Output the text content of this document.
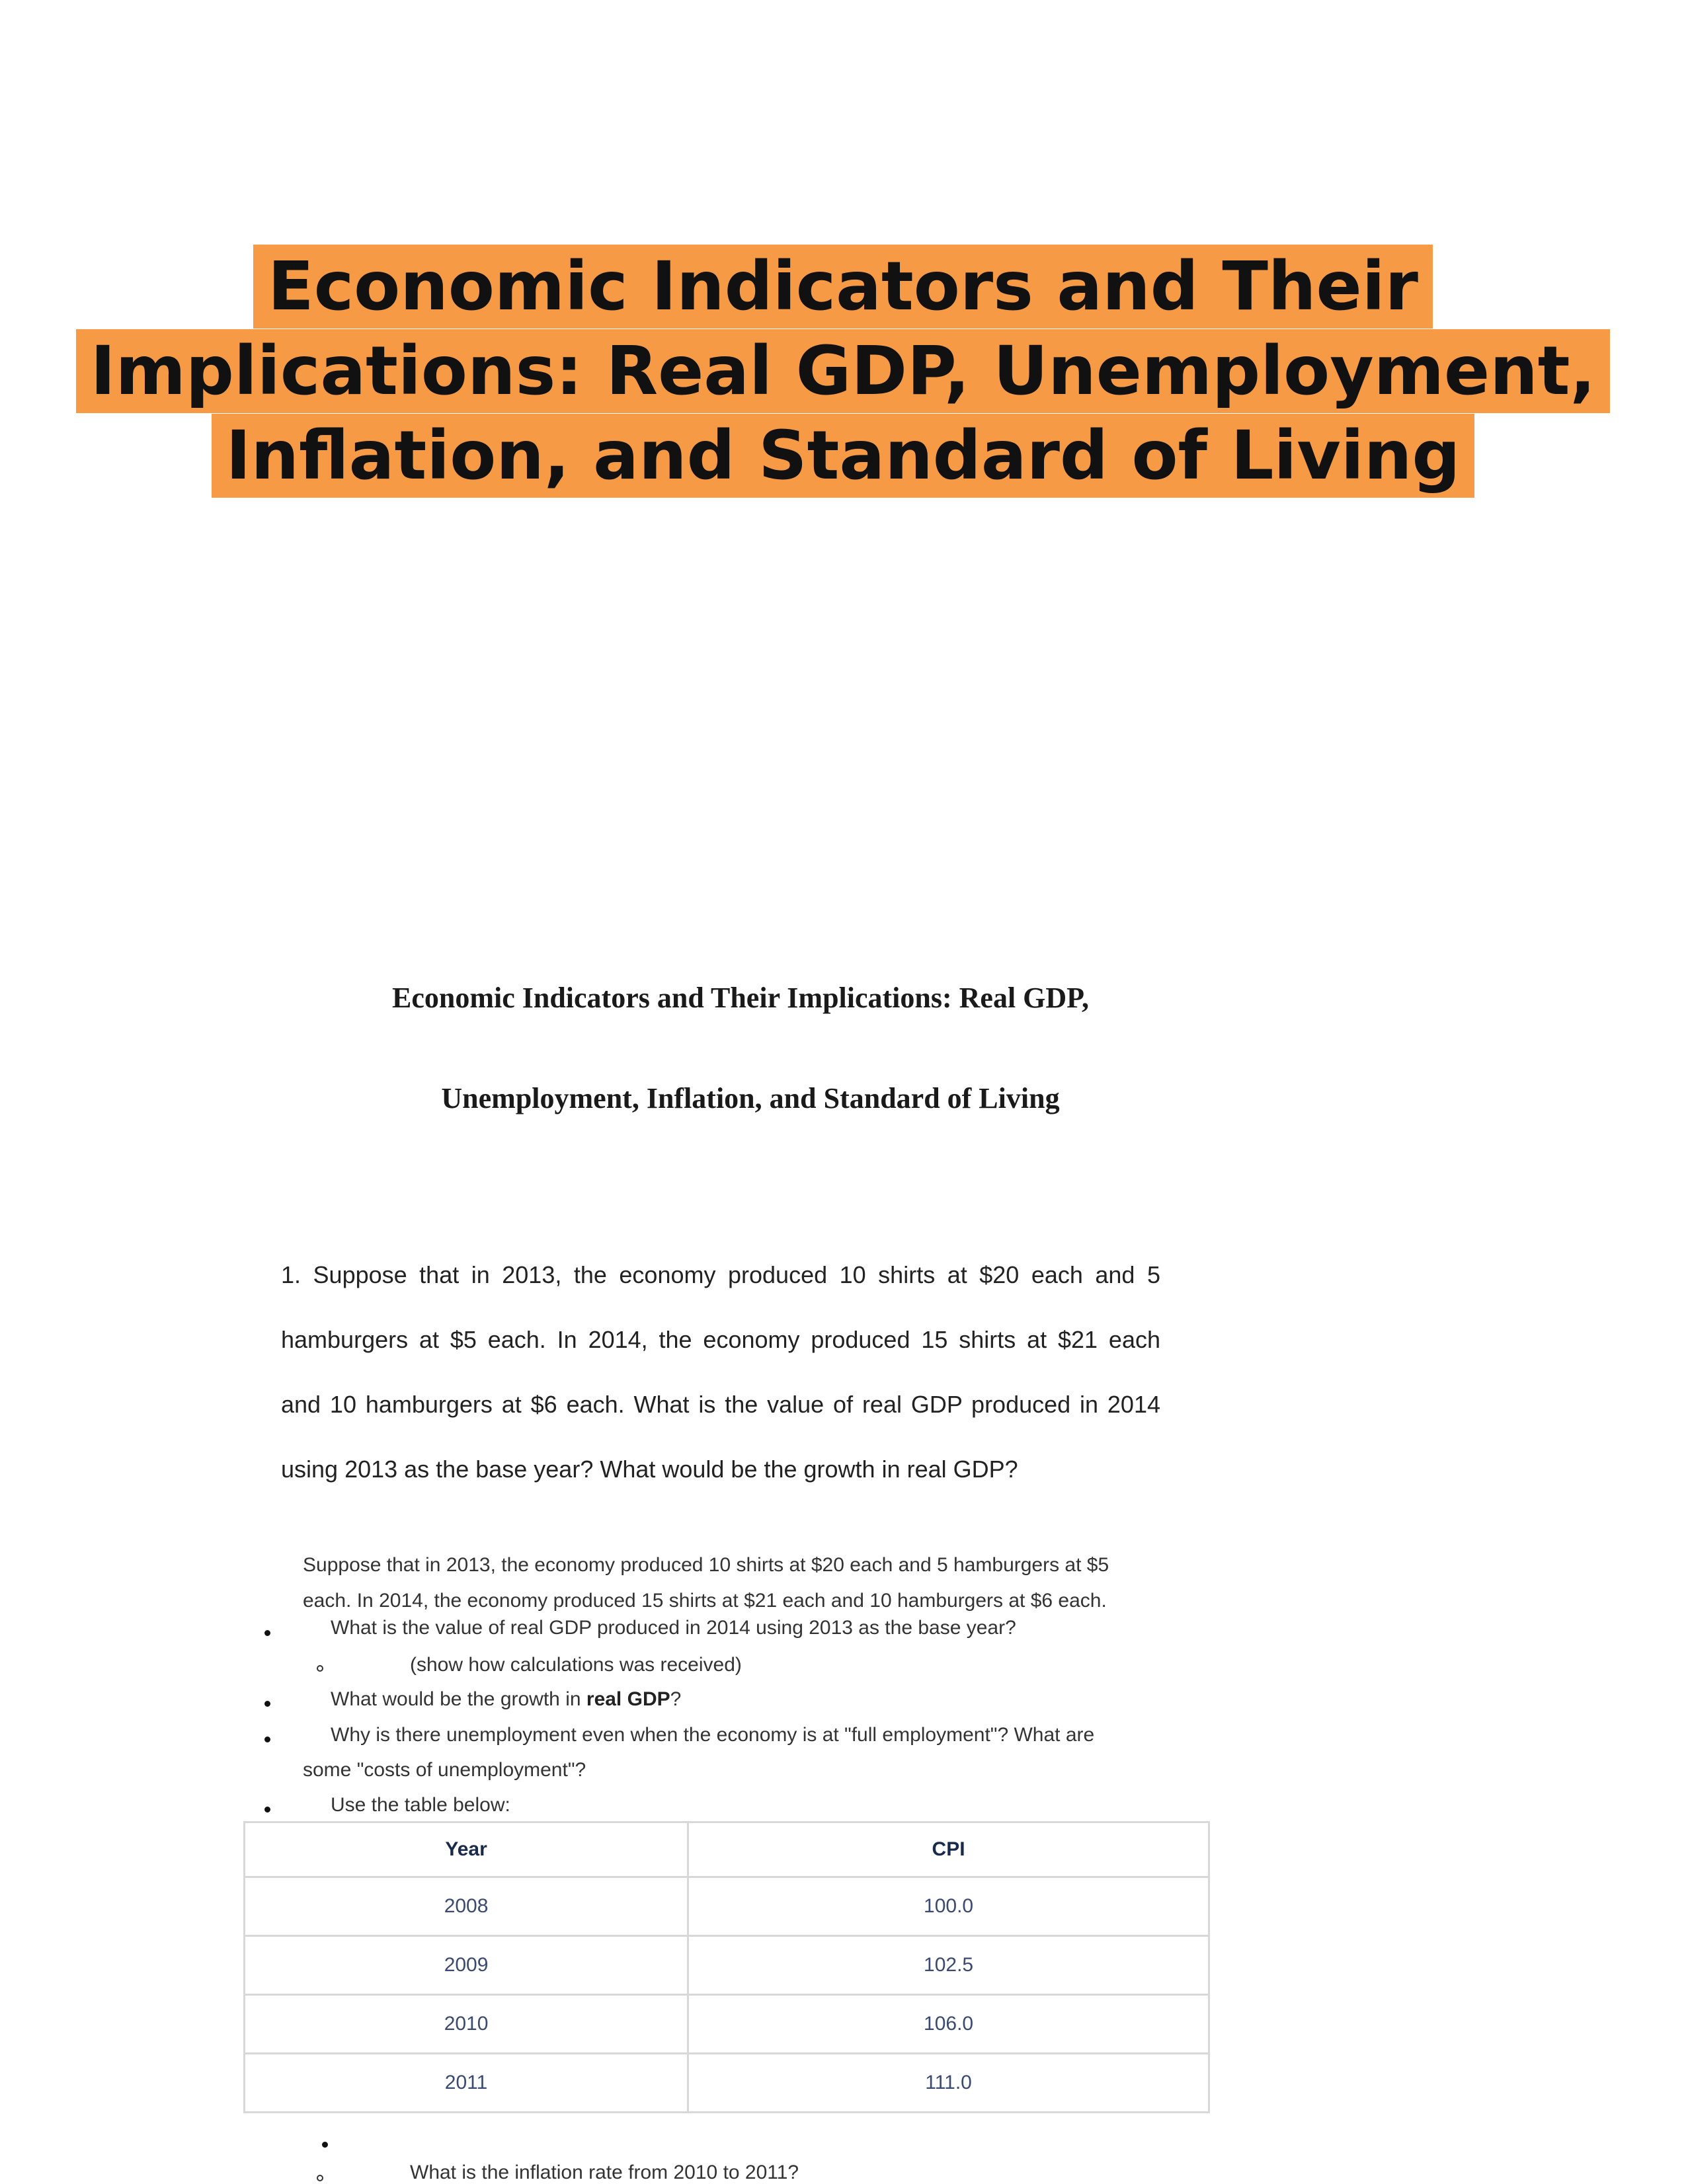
Economic Indicators and Their
Implications: Real GDP, Unemployment,
Inflation, and Standard of Living
Economic Indicators and Their Implications: Real GDP,
Unemployment, Inflation, and Standard of Living
1. Suppose that in 2013, the economy produced 10 shirts at $20 each and 5
hamburgers at $5 each. In 2014, the economy produced 15 shirts at $21 each
and 10 hamburgers at $6 each. What is the value of real GDP produced in 2014
using 2013 as the base year? What would be the growth in real GDP?
Suppose that in 2013, the economy produced 10 shirts at $20 each and 5 hamburgers at $5
each. In 2014, the economy produced 15 shirts at $21 each and 10 hamburgers at $6 each.
What is the value of real GDP produced in 2014 using 2013 as the base year?
(show how calculations was received)
What would be the growth in real GDP?
Why is there unemployment even when the economy is at "full employment"? What are
some "costs of unemployment"?
Use the table below:
Year	CPI
2008	100.0
2009	102.5
2010	106.0
2011	111.0
What is the inflation rate from 2010 to 2011?
